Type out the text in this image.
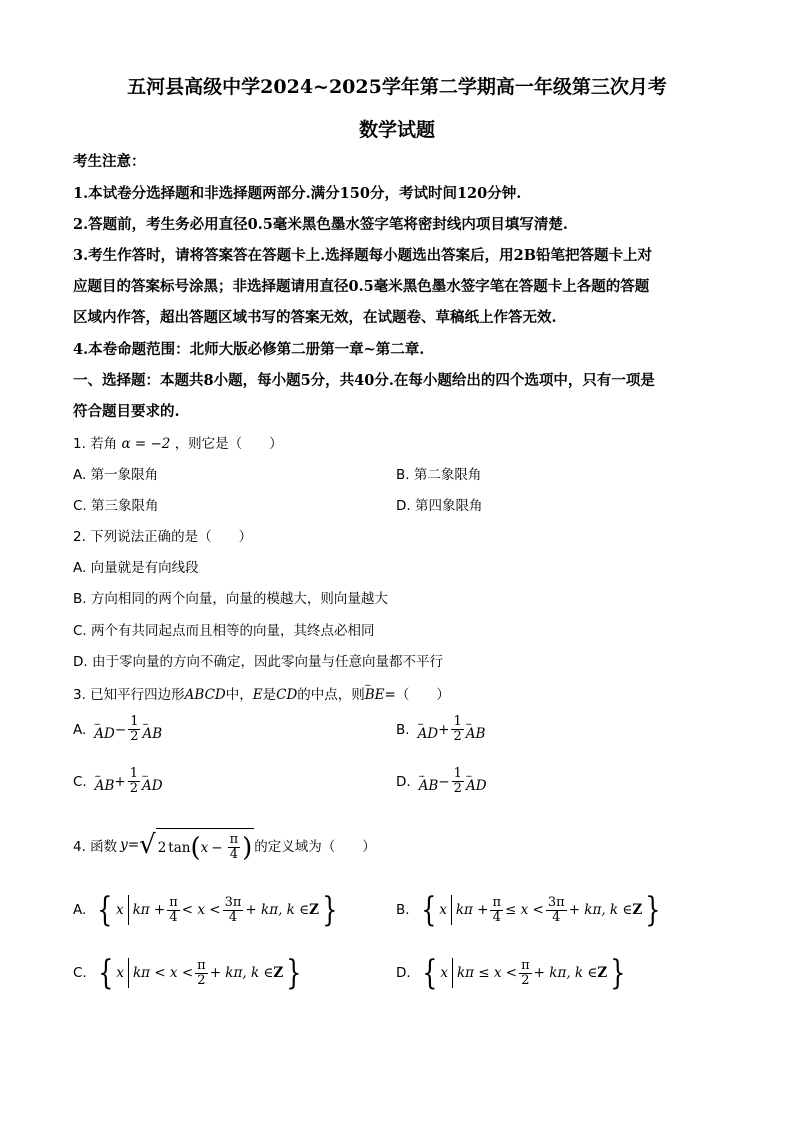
五河县高级中学2024~2025学年第二学期高一年级第三次月考
数学试题
考生注意：
1.本试卷分选择题和非选择题两部分.满分150分，考试时间120分钟.
2.答题前，考生务必用直径0.5毫米黑色墨水签字笔将密封线内项目填写清楚.
3.考生作答时，请将答案答在答题卡上.选择题每小题选出答案后，用2B铅笔把答题卡上对
应题目的答案标号涂黑；非选择题请用直径0.5毫米黑色墨水签字笔在答题卡上各题的答题
区域内作答，超出答题区域书写的答案无效，在试题卷、草稿纸上作答无效.
4.本卷命题范围：北师大版必修第二册第一章~第二章.
一、选择题：本题共8小题，每小题5分，共40分.在每小题给出的四个选项中，只有一项是
符合题目要求的.
1. 若角 α = −2 ，则它是（　　）
A. 第一象限角	B. 第二象限角
C. 第三象限角	D. 第四象限角
2. 下列说法正确的是（　　）
A. 向量就是有向线段
B. 方向相同的两个向量，向量的模越大，则向量越大
C. 两个有共同起点而且相等的向量，其终点必相同
D. 由于零向量的方向不确定，因此零向量与任意向量都不平行
3. 已知平行四边形 ABCD 中， E 是 CD 的中点，则
ꞈꞈꞈ
BE = （　　）
A.
ꞈꞈꞈ
AD − $\frac{1}{2}$ ꞈꞈꞈ
AB	B.
ꞈꞈꞈ
AD + $\frac{1}{2}$ ꞈꞈꞈ
AB
C.
ꞈꞈꞈ
AB + $\frac{1}{2}$ ꞈꞈꞈ
AD	D.
ꞈꞈꞈ
AB − $\frac{1}{2}$ ꞈꞈꞈ
AD
4. 函数 y = √ 2 tan ( $x - \frac{\pi}{4}$ ) 的定义域为（　　）
A. { x $k\pi + \frac{\pi}{4} < x < \frac{3\pi}{4} + k\pi$, k ∈ Z }	B. { x $k\pi + \frac{\pi}{4} \le x < \frac{3\pi}{4} + k\pi$, k ∈ Z }
C. { x $k\pi < x < \frac{\pi}{2} + k\pi$, k ∈ Z }	D. { x $k\pi \le x < \frac{\pi}{2} + k\pi$, k ∈ Z }
